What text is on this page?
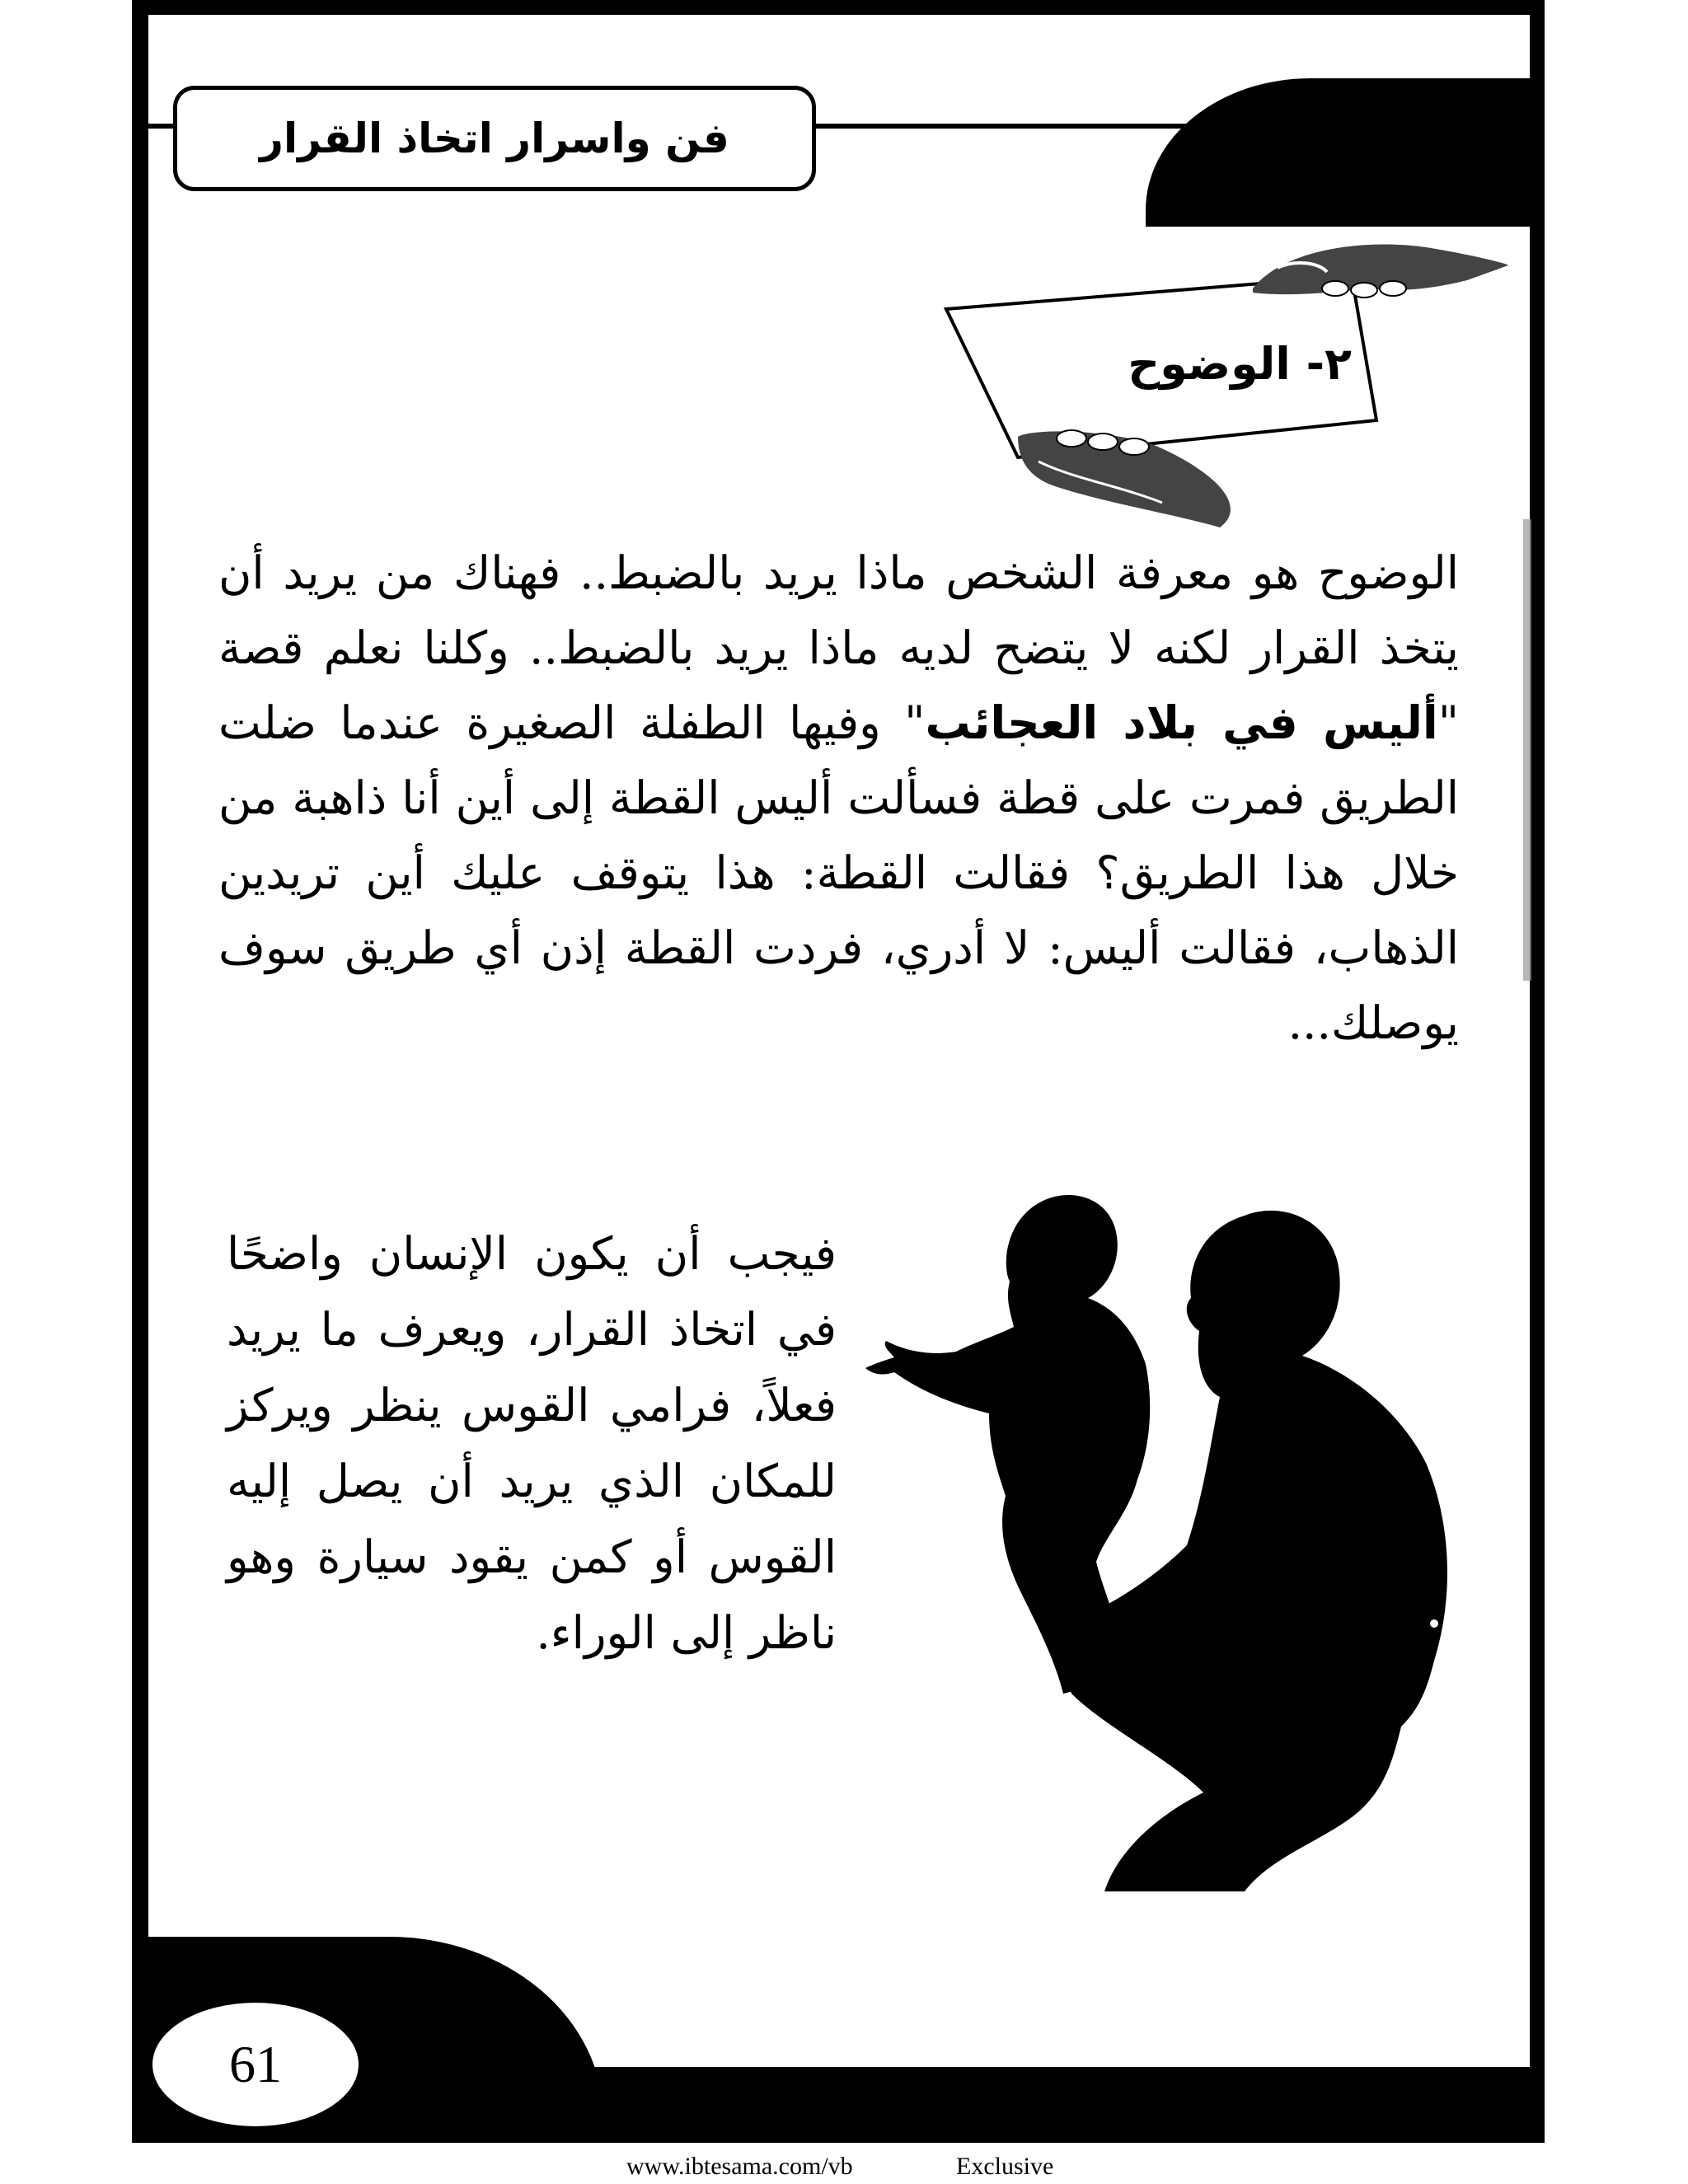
فن واسرار اتخاذ القرار
٢- الوضوح
الوضوح هو معرفة الشخص ماذا يريد بالضبط.. فهناك من يريد أن يتخذ القرار لكنه لا يتضح لديه ماذا يريد بالضبط.. وكلنا نعلم قصة "أليس في بلاد العجائب" وفيها الطفلة الصغيرة عندما ضلت الطريق فمرت على قطة فسألت أليس القطة إلى أين أنا ذاهبة من خلال هذا الطريق؟ فقالت القطة: هذا يتوقف عليك أين تريدين الذهاب، فقالت أليس: لا أدري، فردت القطة إذن أي طريق سوف يوصلك...
فيجب أن يكون الإنسان واضحًا في اتخاذ القرار، ويعرف ما يريد فعلاً، فرامي القوس ينظر ويركز للمكان الذي يريد أن يصل إليه القوس أو كمن يقود سيارة وهو ناظر إلى الوراء.
61
www.ibtesama.com/vb	Exclusive
